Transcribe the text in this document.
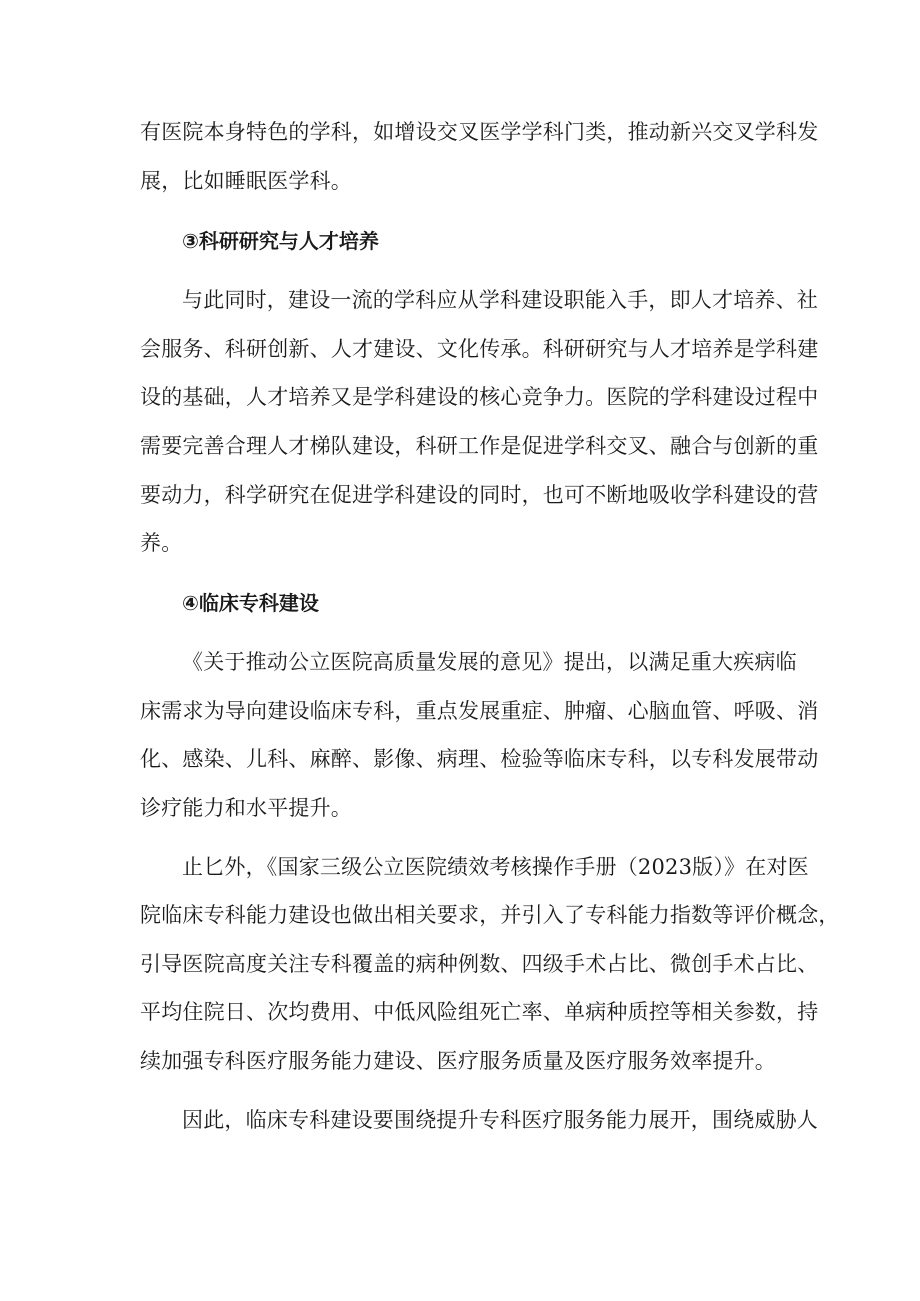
有医院本身特色的学科，如增设交叉医学学科门类，推动新兴交叉学科发
展，比如睡眠医学科。
③科研研究与人才培养
与此同时，建设一流的学科应从学科建设职能入手，即人才培养、社
会服务、科研创新、人才建设、文化传承。科研研究与人才培养是学科建
设的基础，人才培养又是学科建设的核心竞争力。医院的学科建设过程中
需要完善合理人才梯队建设，科研工作是促进学科交叉、融合与创新的重
要动力，科学研究在促进学科建设的同时，也可不断地吸收学科建设的营
养。
④临床专科建设
《关于推动公立医院高质量发展的意见》提出，以满足重大疾病临
床需求为导向建设临床专科，重点发展重症、肿瘤、心脑血管、呼吸、消
化、感染、儿科、麻醉、影像、病理、检验等临床专科，以专科发展带动
诊疗能力和水平提升。
止匕外，《国家三级公立医院绩效考核操作手册（2023版）》在对医
院临床专科能力建设也做出相关要求，并引入了专科能力指数等评价概念，
引导医院高度关注专科覆盖的病种例数、四级手术占比、微创手术占比、
平均住院日、次均费用、中低风险组死亡率、单病种质控等相关参数，持
续加强专科医疗服务能力建设、医疗服务质量及医疗服务效率提升。
因此，临床专科建设要围绕提升专科医疗服务能力展开，围绕威胁人
